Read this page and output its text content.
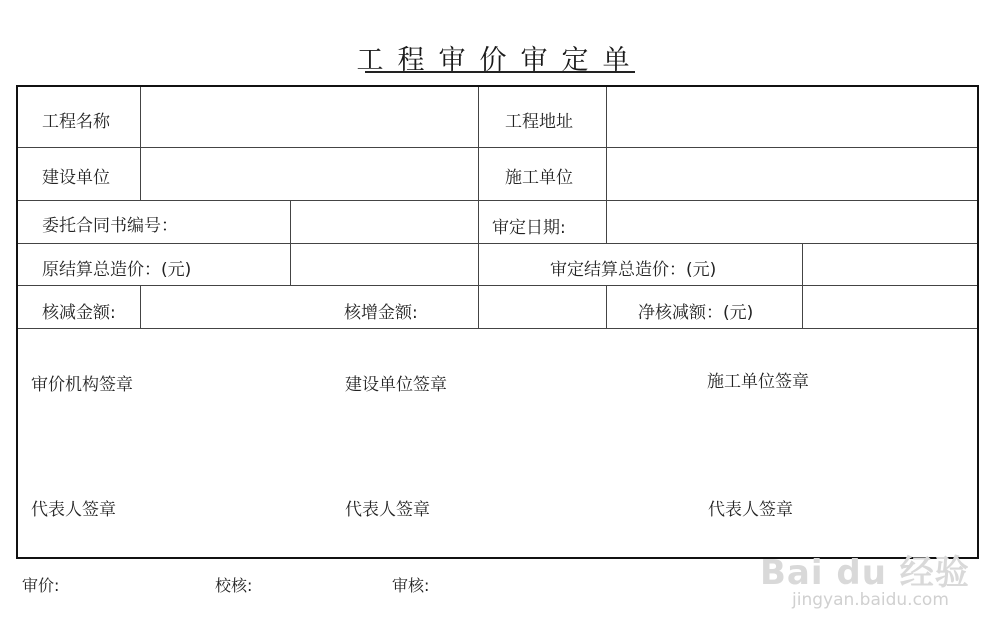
工程审价审定单
工程名称	工程地址
建设单位	施工单位
委托合同书编号：	审定日期:
原结算总造价：(元)	审定结算总造价：(元)
核减金额:	核增金额:	净核减额：(元)
审价机构签章	建设单位签章	施工单位签章
代表人签章	代表人签章	代表人签章
审价:	校核:	审核:	Bai du 经验
jingyan.baidu.com
